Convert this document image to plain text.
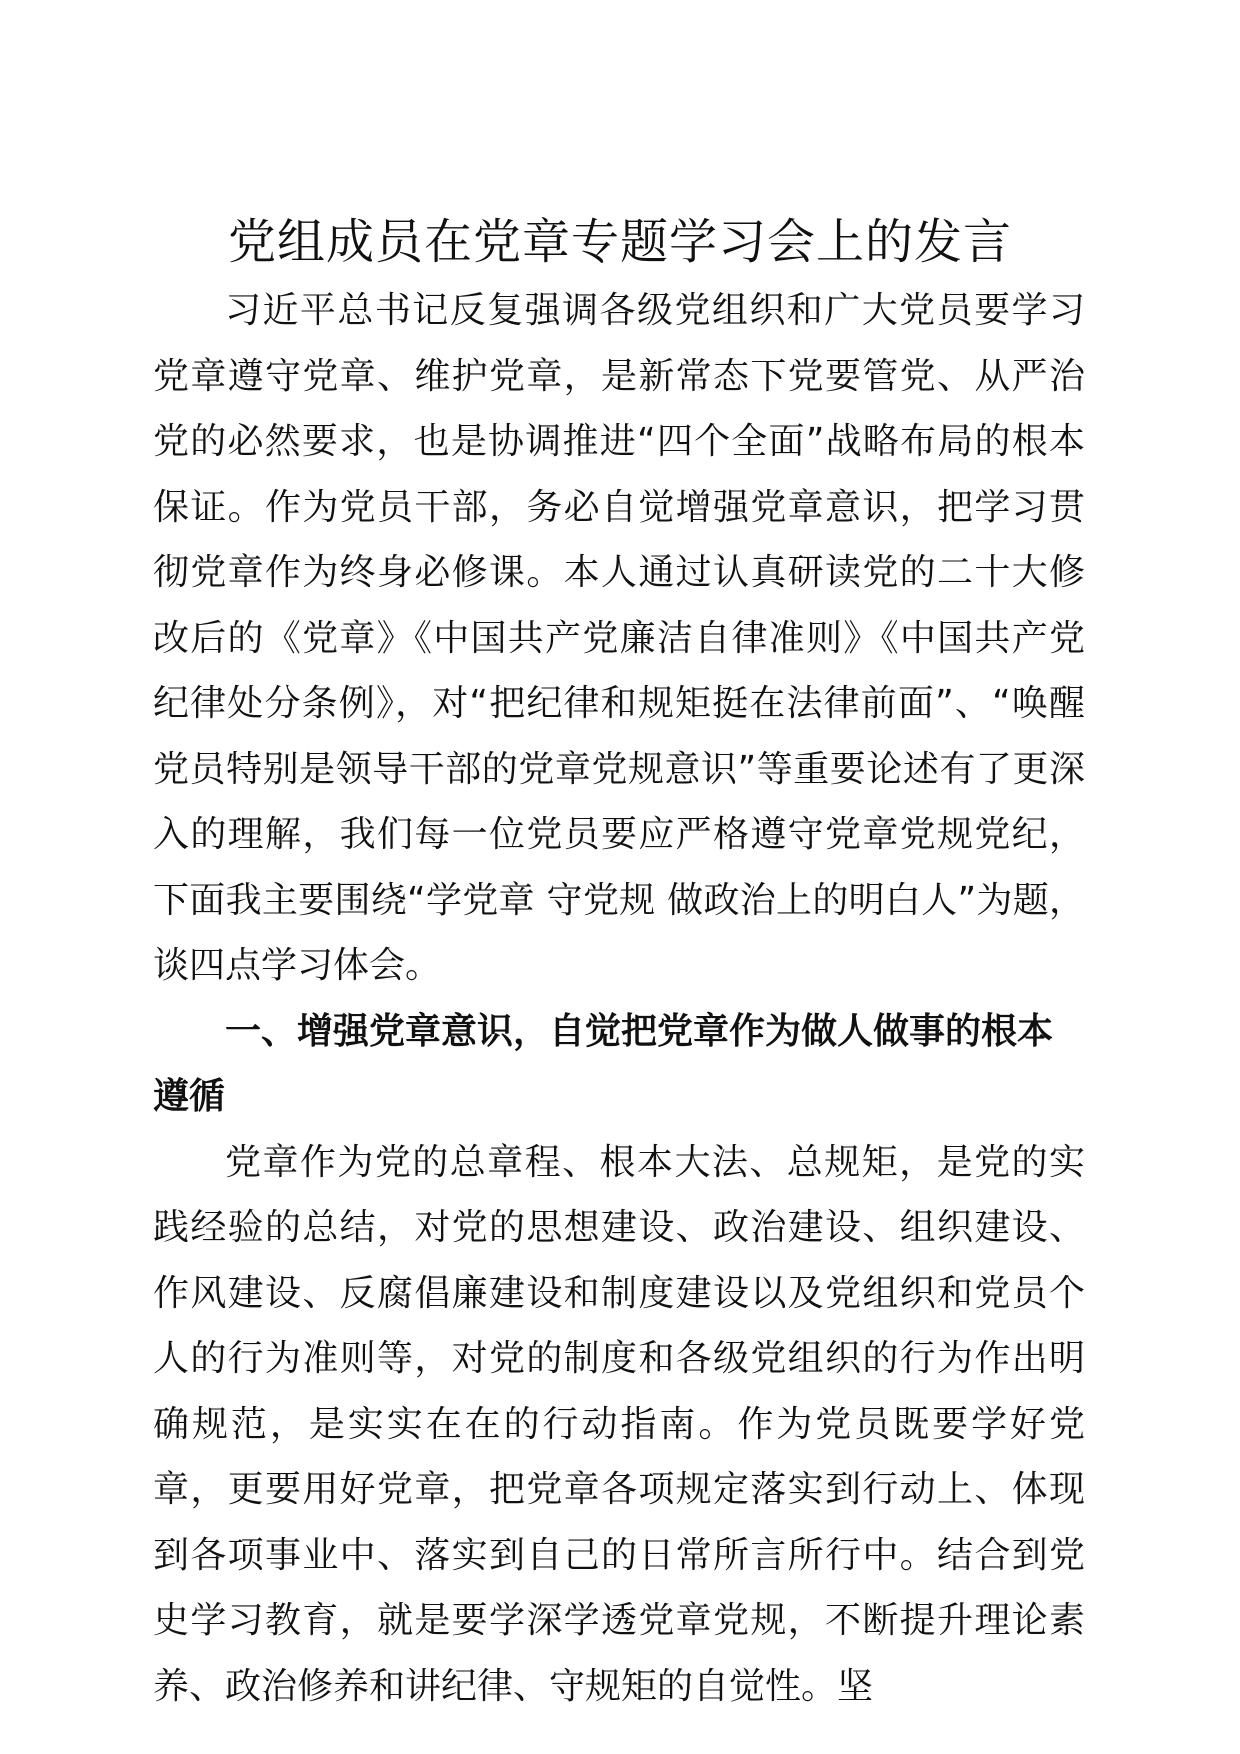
党组成员在党章专题学习会上的发言

习近平总书记反复强调各级党组织和广大党员要学习党章遵守党章、维护党章，是新常态下党要管党、从严治党的必然要求，也是协调推进“四个全面”战略布局的根本保证。作为党员干部，务必自觉增强党章意识，把学习贯彻党章作为终身必修课。本人通过认真研读党的二十大修改后的《党章》《中国共产党廉洁自律准则》《中国共产党纪律处分条例》，对“把纪律和规矩挺在法律前面”、“唤醒党员特别是领导干部的党章党规意识”等重要论述有了更深入的理解，我们每一位党员要应严格遵守党章党规党纪，下面我主要围绕“学党章 守党规 做政治上的明白人”为题，谈四点学习体会。

一、增强党章意识，自觉把党章作为做人做事的根本遵循

党章作为党的总章程、根本大法、总规矩，是党的实践经验的总结，对党的思想建设、政治建设、组织建设、作风建设、反腐倡廉建设和制度建设以及党组织和党员个人的行为准则等，对党的制度和各级党组织的行为作出明确规范，是实实在在的行动指南。作为党员既要学好党章，更要用好党章，把党章各项规定落实到行动上、体现到各项事业中、落实到自己的日常所言所行中。结合到党史学习教育，就是要学深学透党章党规，不断提升理论素养、政治修养和讲纪律、守规矩的自觉性。坚
